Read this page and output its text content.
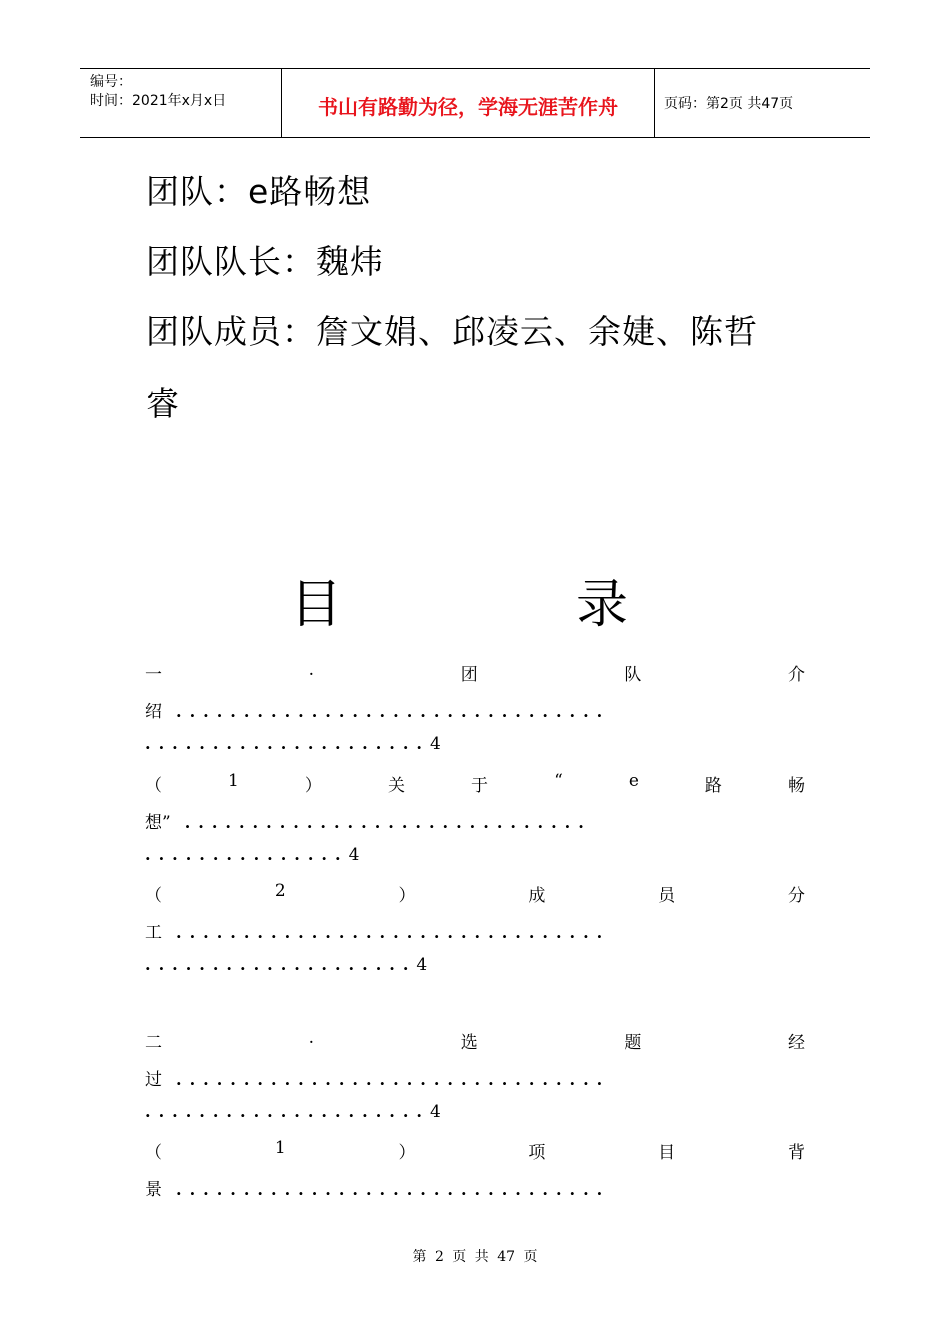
编号：
时间：2021年x月x日	书山有路勤为径，学海无涯苦作舟	页码：第2页 共47页
团队：e路畅想
团队队长：魏炜
团队成员：詹文娟、邱凌云、余婕、陈哲
睿
目	录
一	.	团	队	介
绍 ................................
.....................4
（	1	）	关	于	“	e	路	畅
想” ..............................
...............4
（	2	）	成	员	分
工 ................................
....................4
二	.	选	题	经
过 ................................
.....................4
（	1	）	项	目	背
景 ................................
第 2 页 共 47 页
